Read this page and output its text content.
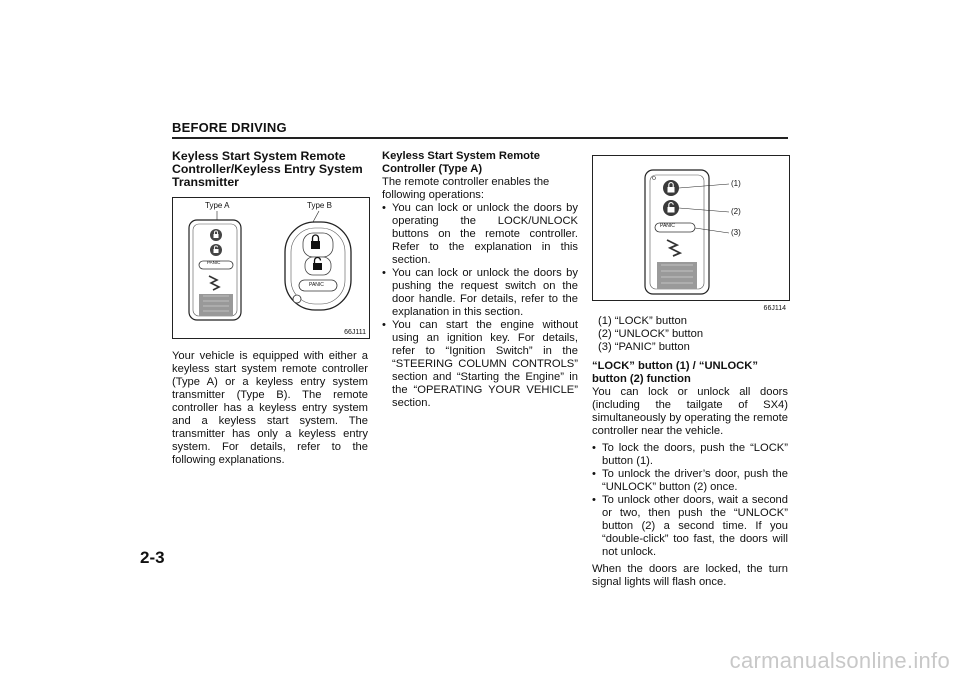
BEFORE DRIVING
2-3
Keyless Start System Remote Controller/Keyless Entry System Transmitter
Type A	Type B
PANIC
PANIC
66J111

Your vehicle is equipped with either a keyless start system remote controller (Type A) or a keyless entry system transmitter (Type B). The remote controller has a keyless entry system and a keyless start system. The transmitter has only a keyless entry system. For details, refer to the following explanations.

Keyless Start System Remote Controller (Type A)

The remote controller enables the following operations:

• You can lock or unlock the doors by operating the LOCK/UNLOCK buttons on the remote controller. Refer to the explanation in this section.
• You can lock or unlock the doors by pushing the request switch on the door handle. For details, refer to the explanation in this section.
• You can start the engine without using an ignition key. For details, refer to “Ignition Switch” in the “STEERING COLUMN CONTROLS” section and “Starting the Engine” in the “OPERATING YOUR VEHICLE” section.
PANIC
(1)
(2)
(3)
66J114
(1) “LOCK” button
(2) “UNLOCK” button
(3) “PANIC” button
“LOCK” button (1) / “UNLOCK” button (2) function

You can lock or unlock all doors (including the tailgate of SX4) simultaneously by operating the remote controller near the vehicle.

• To lock the doors, push the “LOCK” button (1).
• To unlock the driver’s door, push the “UNLOCK” button (2) once.
• To unlock other doors, wait a second or two, then push the “UNLOCK” button (2) a second time. If you “double-click” too fast, the doors will not unlock.

When the doors are locked, the turn signal lights will flash once.

carmanualsonline.info
